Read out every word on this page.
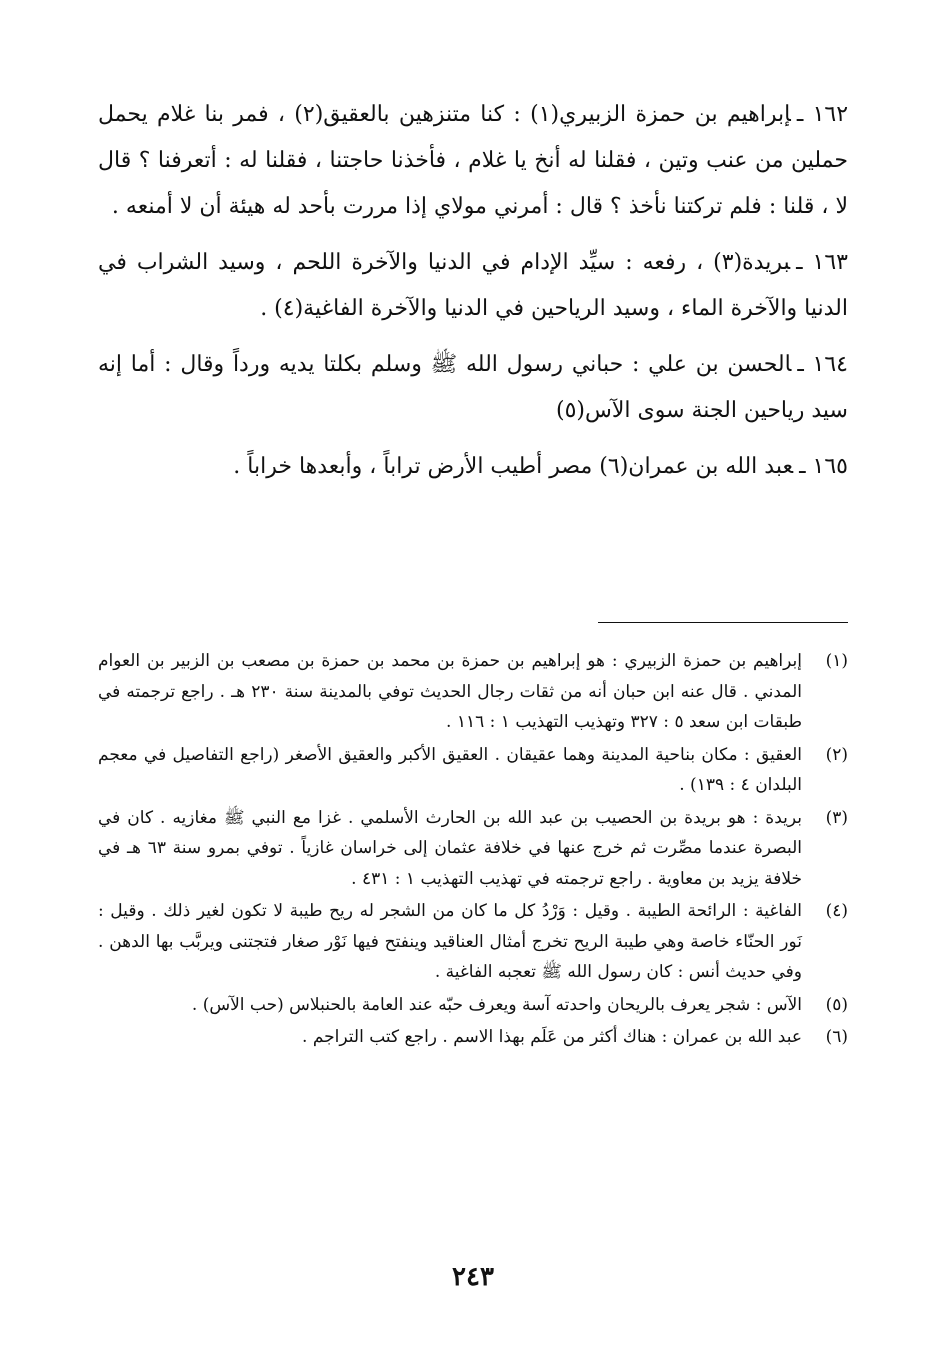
١٦٢ ـإبراهيم بن حمزة الزبيري(١) : كنا متنزهين بالعقيق(٢) ، فمر بنا غلام يحمل حملين من عنب وتين ، فقلنا له أنخ يا غلام ، فأخذنا حاجتنا ، فقلنا له : أتعرفنا ؟ قال لا ، قلنا : فلم تركتنا نأخذ ؟ قال : أمرني مولاي إذا مررت بأحد له هيئة أن لا أمنعه .

١٦٣ ـبريدة(٣) ، رفعه : سيِّد الإدام في الدنيا والآخرة اللحم ، وسيد الشراب في الدنيا والآخرة الماء ، وسيد الرياحين في الدنيا والآخرة الفاغية(٤) .

١٦٤ ـالحسن بن علي : حباني رسول الله ﷺ وسلم بكلتا يديه ورداً وقال : أما إنه سيد رياحين الجنة سوى الآس(٥)

١٦٥ ـعبد الله بن عمران(٦) مصر أطيب الأرض تراباً ، وأبعدها خراباً .

(١)
إبراهيم بن حمزة الزبيري : هو إبراهيم بن حمزة بن محمد بن حمزة بن مصعب بن الزبير بن العوام المدني . قال عنه ابن حبان أنه من ثقات رجال الحديث توفي بالمدينة سنة ٢٣٠ هـ . راجع ترجمته في طبقات ابن سعد ٥ : ٣٢٧ وتهذيب التهذيب ١ : ١١٦ .

(٢)
العقيق : مكان بناحية المدينة وهما عقيقان . العقيق الأكبر والعقيق الأصغر (راجع التفاصيل في معجم البلدان ٤ : ١٣٩) .

(٣)
بريدة : هو بريدة بن الحصيب بن عبد الله بن الحارث الأسلمي . غزا مع النبي ﷺ مغازيه . كان في البصرة عندما مصِّرت ثم خرج عنها في خلافة عثمان إلى خراسان غازياً . توفي بمرو سنة ٦٣ هـ في خلافة يزيد بن معاوية . راجع ترجمته في تهذيب التهذيب ١ : ٤٣١ .

(٤)
الفاغية : الرائحة الطيبة . وقيل : وَرْدُ كل ما كان من الشجر له ريح طيبة لا تكون لغير ذلك . وقيل : نَور الحنّاء خاصة وهي طيبة الريح تخرج أمثال العناقيد وينفتح فيها نَوْر صغار فتجتنى ويربَّب بها الدهن . وفي حديث أنس : كان رسول الله ﷺ تعجبه الفاغية .

(٥)
الآس : شجر يعرف بالريحان واحدته آسة ويعرف حبّه عند العامة بالحنبلاس (حب الآس) .

(٦)
عبد الله بن عمران : هناك أكثر من عَلَم بهذا الاسم . راجع كتب التراجم .

٢٤٣
